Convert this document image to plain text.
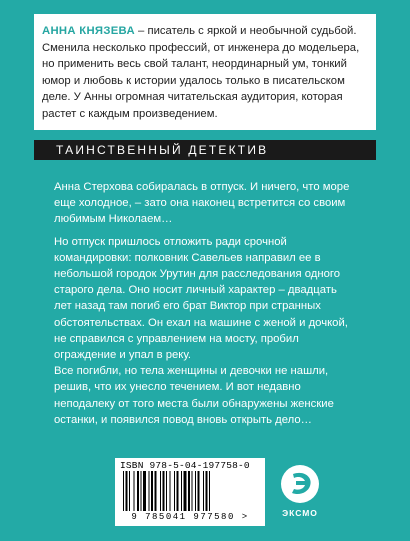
АННА КНЯЗЕВА – писатель с яркой и необычной судьбой. Сменила несколько профессий, от инженера до модельера, но применить весь свой талант, неординарный ум, тонкий юмор и любовь к истории удалось только в писательском деле. У Анны огромная читательская аудитория, которая растет с каждым произведением.
ТАИНСТВЕННЫЙ ДЕТЕКТИВ

Анна Стерхова собиралась в отпуск. И ничего, что море еще холодное, – зато она наконец встретится со своим любимым Николаем…

Но отпуск пришлось отложить ради срочной командировки: полковник Савельев направил ее в небольшой городок Урутин для расследования одного старого дела. Оно носит личный характер – двадцать лет назад там погиб его брат Виктор при странных обстоятельствах. Он ехал на машине с женой и дочкой, не справился с управлением на мосту, пробил ограждение и упал в реку.

Все погибли, но тела женщины и девочки не нашли, решив, что их унесло течением. И вот недавно неподалеку от того места были обнаружены женские останки, и появился повод вновь открыть дело…

ISBN 978-5-04-197758-0
9 785041 977580 >	ЭКСМО
